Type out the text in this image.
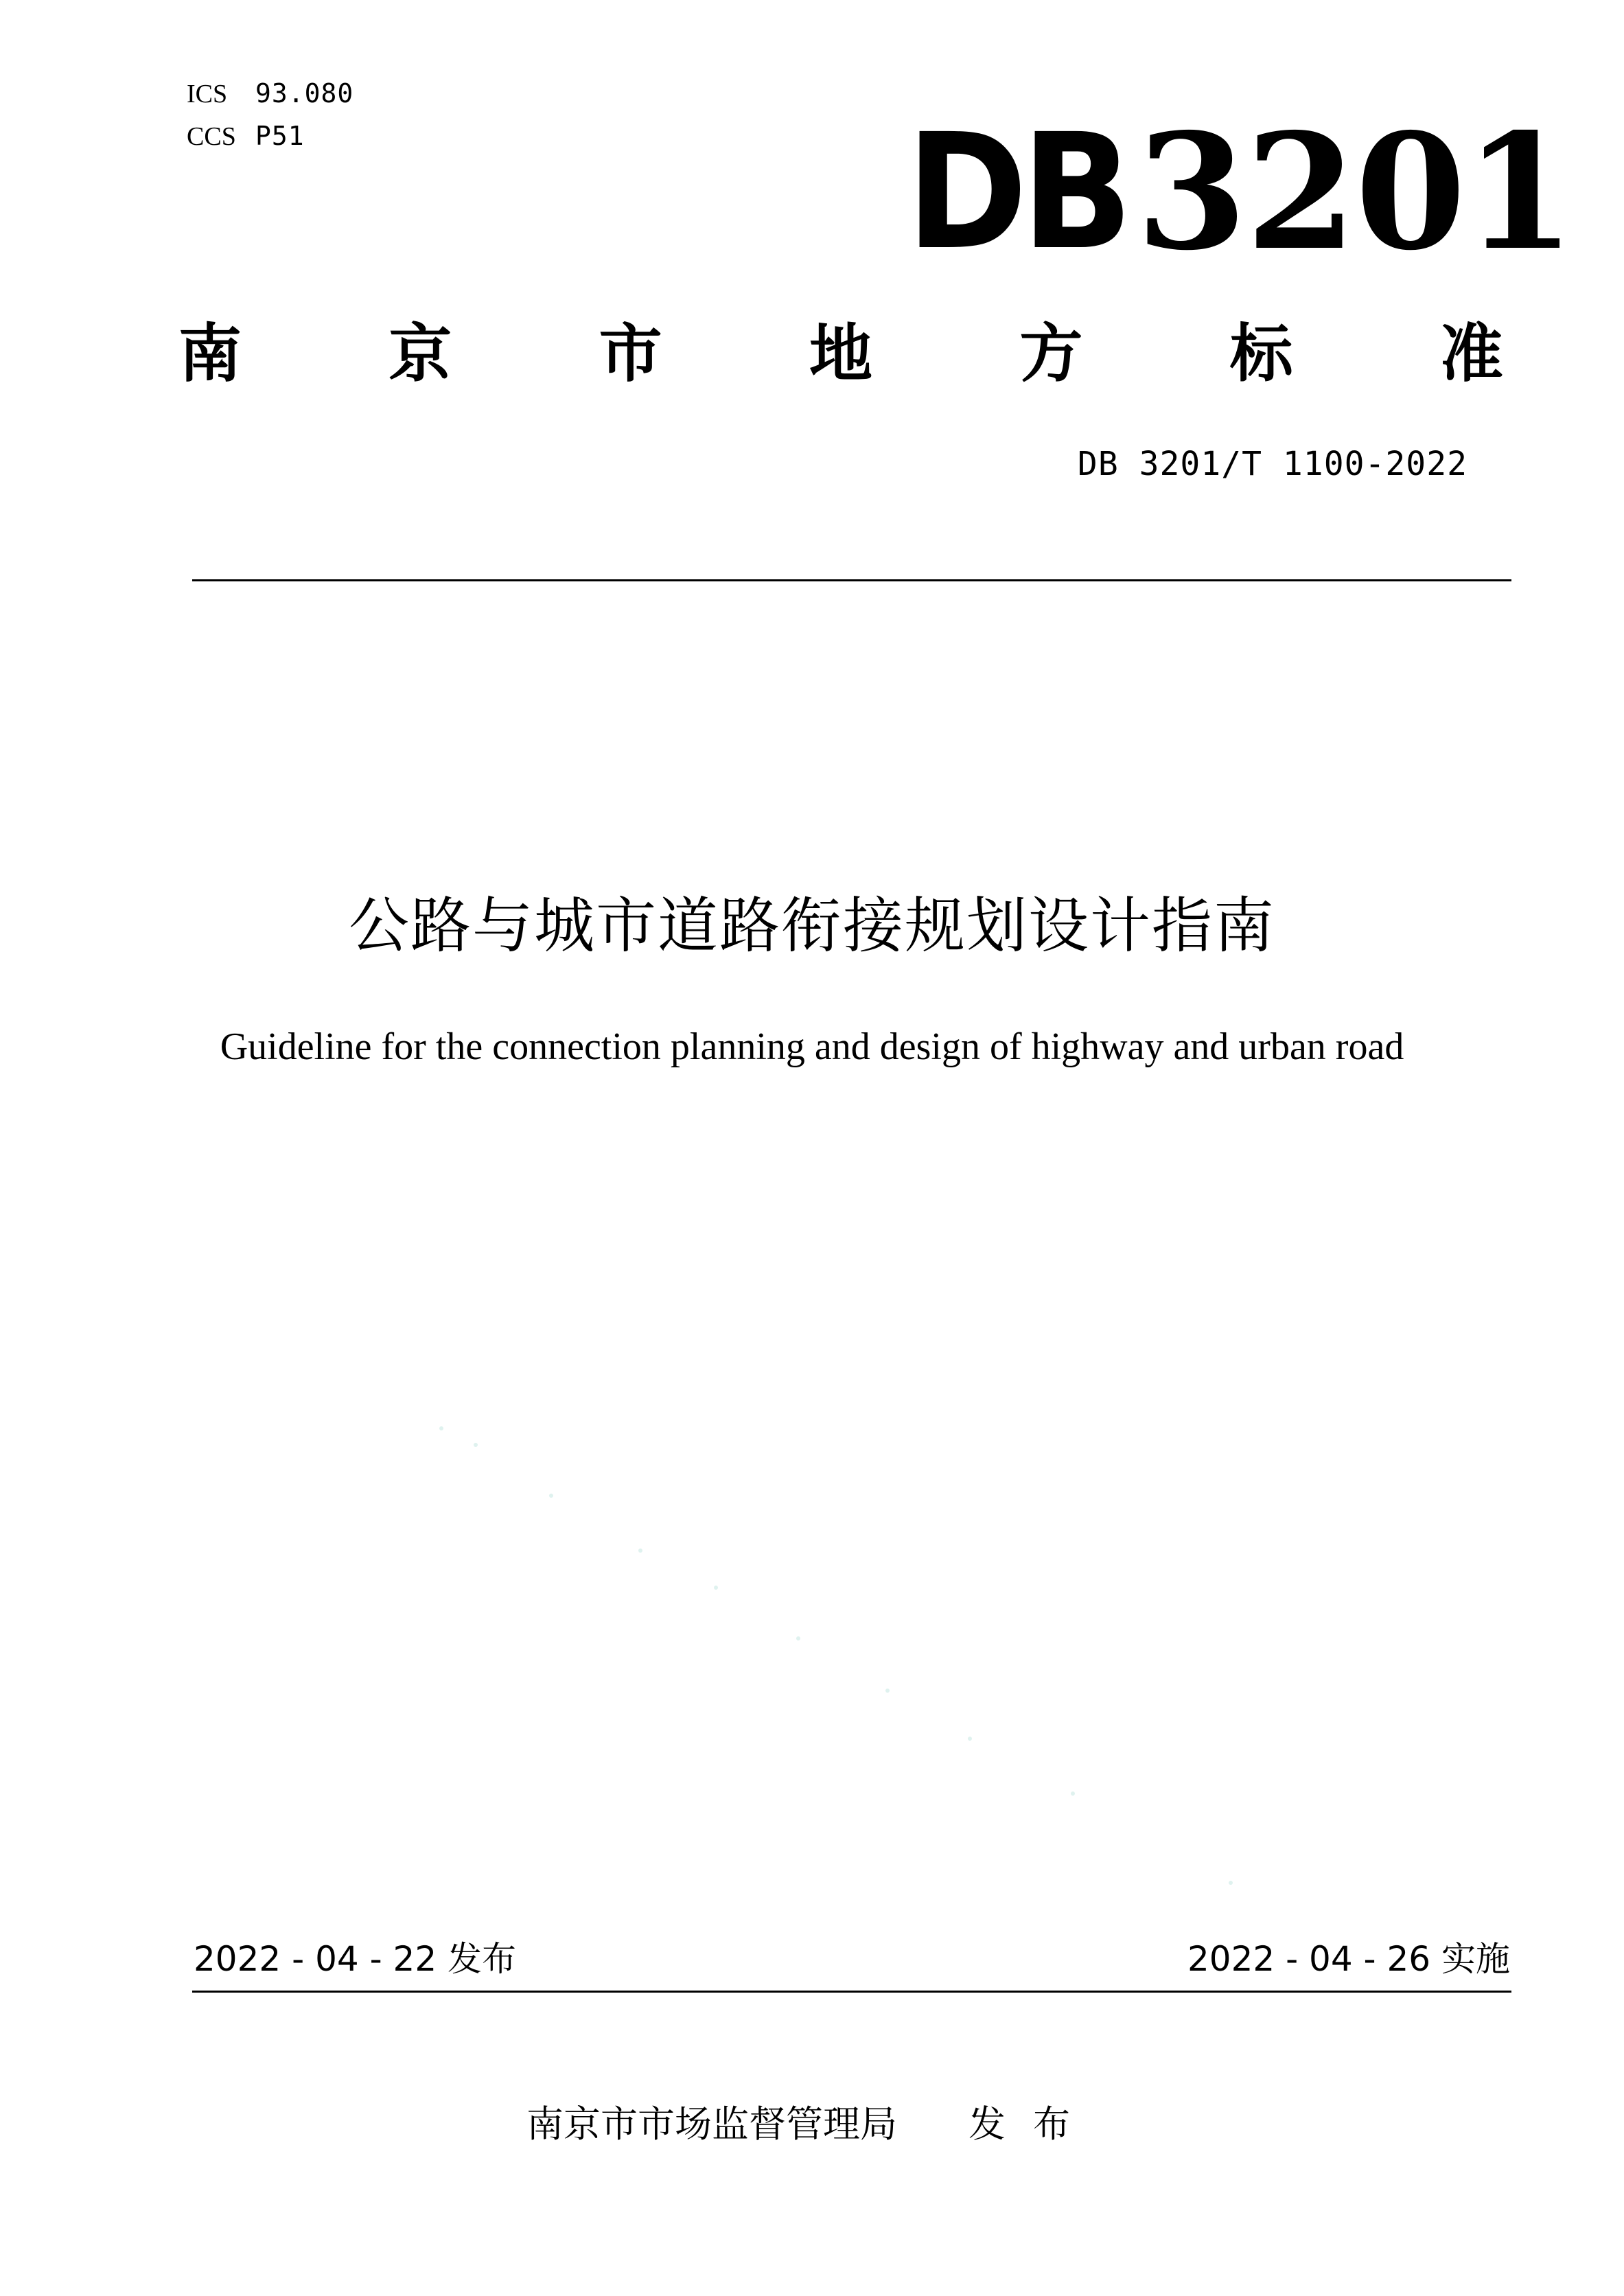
ICS 93.080
CCS P51	DB 3201
南 京 市 地 方 标 准
DB 3201/T 1100-2022
公路与城市道路衔接规划设计指南
Guideline for the connection planning and design of highway and urban road
2022 - 04 - 22 发布	2022 - 04 - 26 实施
南京市市场监督管理局 发布
